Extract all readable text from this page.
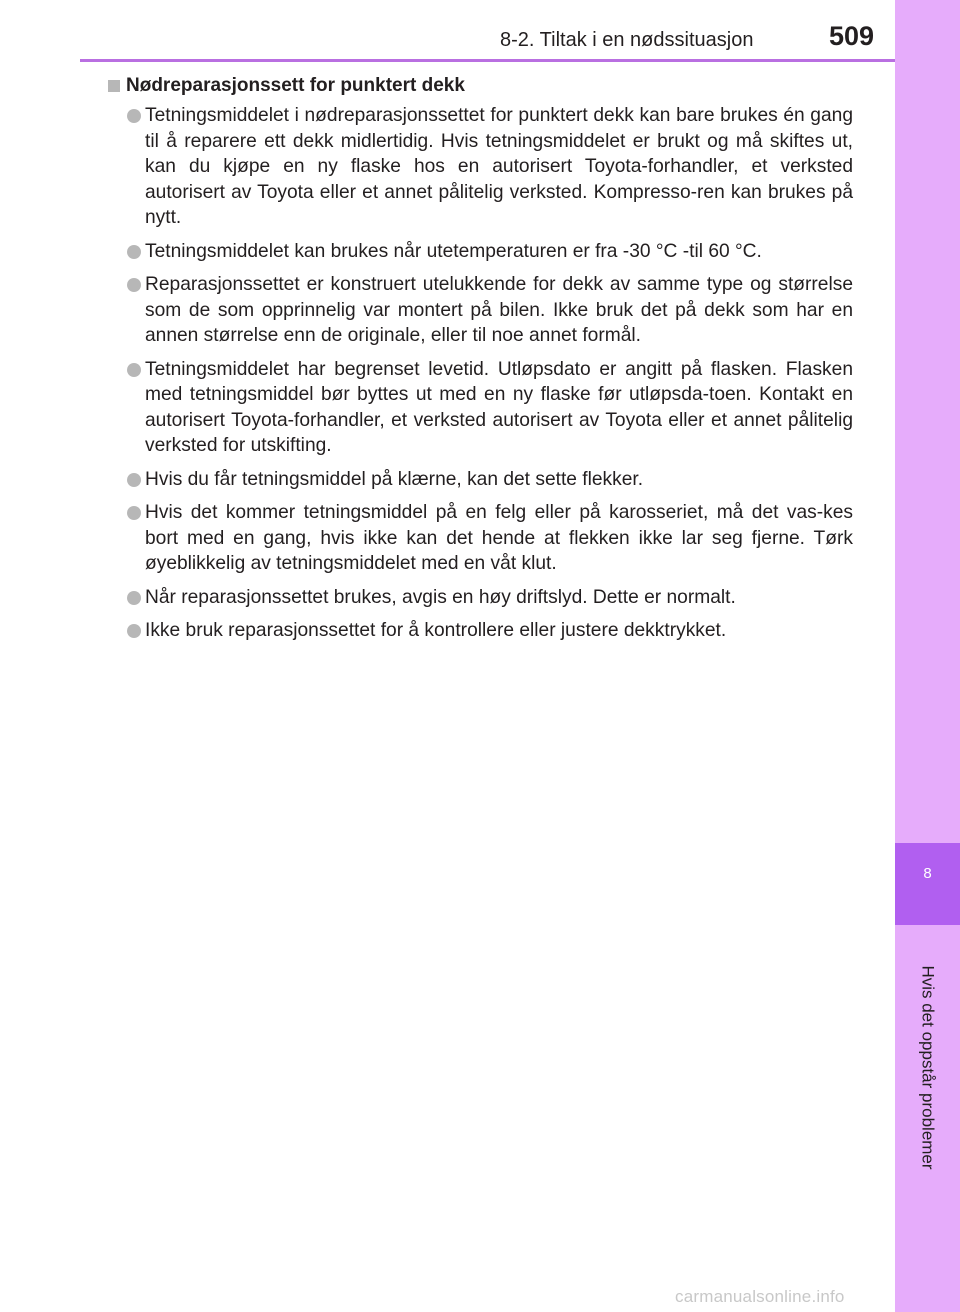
8
Hvis det oppstår problemer
8-2. Tiltak i en nødssituasjon	509
Nødreparasjonssett for punktert dekk
Tetningsmiddelet i nødreparasjonssettet for punktert dekk kan bare brukes én gang til å reparere ett dekk midlertidig. Hvis tetningsmiddelet er brukt og må skiftes ut, kan du kjøpe en ny flaske hos en autorisert Toyota-forhandler, et verksted autorisert av Toyota eller et annet pålitelig verksted. Kompresso-ren kan brukes på nytt.
Tetningsmiddelet kan brukes når utetemperaturen er fra -30 °C -til 60 °C.
Reparasjonssettet er konstruert utelukkende for dekk av samme type og størrelse som de som opprinnelig var montert på bilen. Ikke bruk det på dekk som har en annen størrelse enn de originale, eller til noe annet formål.
Tetningsmiddelet har begrenset levetid. Utløpsdato er angitt på flasken. Flasken med tetningsmiddel bør byttes ut med en ny flaske før utløpsda-toen. Kontakt en autorisert Toyota-forhandler, et verksted autorisert av Toyota eller et annet pålitelig verksted for utskifting.
Hvis du får tetningsmiddel på klærne, kan det sette flekker.
Hvis det kommer tetningsmiddel på en felg eller på karosseriet, må det vas-kes bort med en gang, hvis ikke kan det hende at flekken ikke lar seg fjerne. Tørk øyeblikkelig av tetningsmiddelet med en våt klut.
Når reparasjonssettet brukes, avgis en høy driftslyd. Dette er normalt.
Ikke bruk reparasjonssettet for å kontrollere eller justere dekktrykket.
carmanualsonline.info
